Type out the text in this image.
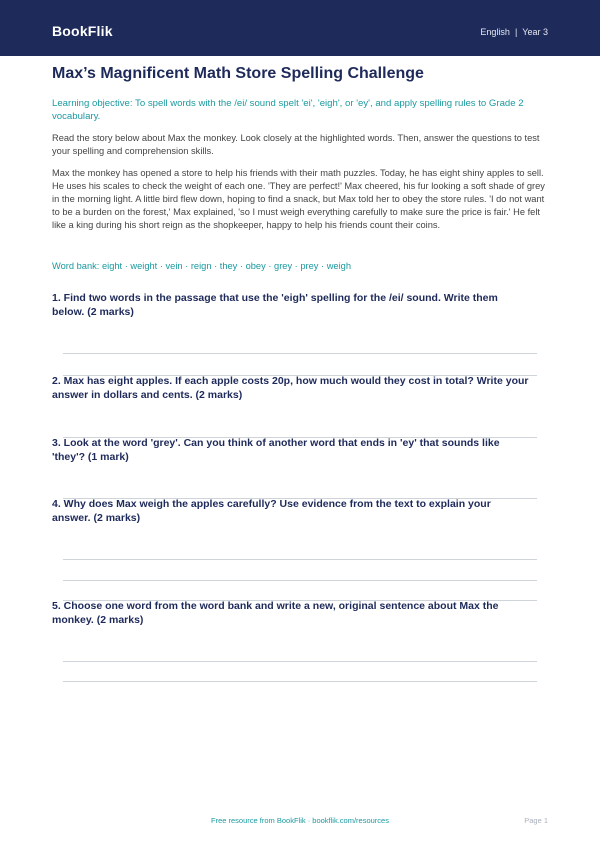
BookFlik	English | Year 3
Max’s Magnificent Math Store Spelling Challenge
Learning objective: To spell words with the /ei/ sound spelt 'ei', 'eigh', or 'ey', and apply spelling rules to Grade 2 vocabulary.
Read the story below about Max the monkey. Look closely at the highlighted words. Then, answer the questions to test your spelling and comprehension skills.
Max the monkey has opened a store to help his friends with their math puzzles. Today, he has eight shiny apples to sell. He uses his scales to check the weight of each one. 'They are perfect!' Max cheered, his fur looking a soft shade of grey in the morning light. A little bird flew down, hoping to find a snack, but Max told her to obey the store rules. 'I do not want to be a burden on the forest,' Max explained, 'so I must weigh everything carefully to make sure the price is fair.' He felt like a king during his short reign as the shopkeeper, happy to help his friends count their coins.
Word bank: eight · weight · vein · reign · they · obey · grey · prey · weigh
1. Find two words in the passage that use the 'eigh' spelling for the /ei/ sound. Write them below. (2 marks)
2. Max has eight apples. If each apple costs 20p, how much would they cost in total? Write your answer in dollars and cents. (2 marks)
3. Look at the word 'grey'. Can you think of another word that ends in 'ey' that sounds like 'they'? (1 mark)
4. Why does Max weigh the apples carefully? Use evidence from the text to explain your answer. (2 marks)
5. Choose one word from the word bank and write a new, original sentence about Max the monkey. (2 marks)
Free resource from BookFlik · bookflik.com/resources	Page 1
